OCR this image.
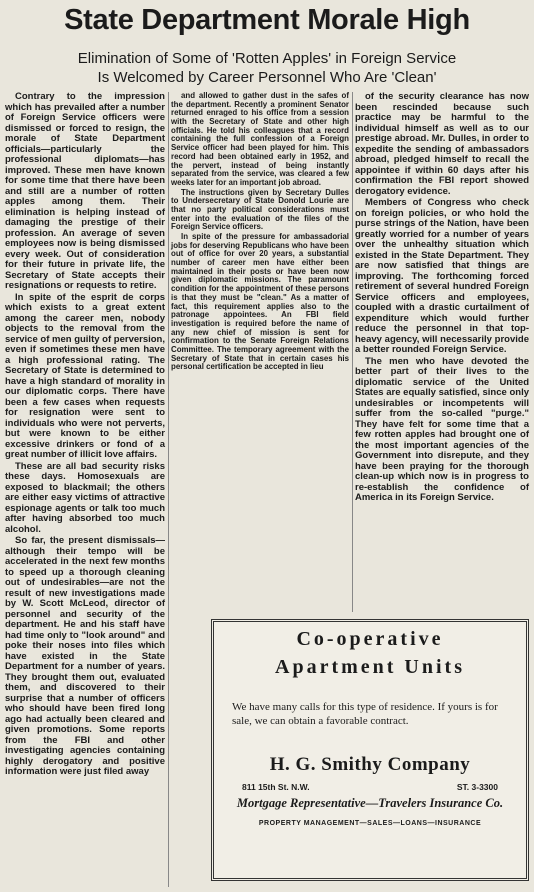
State Department Morale High
Elimination of Some of 'Rotten Apples' in Foreign Service
Is Welcomed by Career Personnel Who Are 'Clean'

Contrary to the impression which has prevailed after a number of Foreign Service officers were dismissed or forced to resign, the morale of State Department officials—particularly the professional diplomats—has improved. These men have known for some time that there have been and still are a number of rotten apples among them. Their elimination is helping instead of damaging the prestige of their profession. An average of seven employees now is being dismissed every week. Out of consideration for their future in private life, the Secretary of State accepts their resignations or requests to retire.

In spite of the esprit de corps which exists to a great extent among the career men, nobody objects to the removal from the service of men guilty of perversion, even if sometimes these men have a high professional rating. The Secretary of State is determined to have a high standard of morality in our diplomatic corps. There have been a few cases when requests for resignation were sent to individuals who were not perverts, but were known to be either excessive drinkers or fond of a great number of illicit love affairs.

These are all bad security risks these days. Homosexuals are exposed to blackmail; the others are either easy victims of attractive espionage agents or talk too much after having absorbed too much alcohol.

So far, the present dismissals—although their tempo will be accelerated in the next few months to speed up a thorough cleaning out of undesirables—are not the result of new investigations made by W. Scott McLeod, director of personnel and security of the department. He and his staff have had time only to "look around" and poke their noses into files which have existed in the State Department for a number of years. They brought them out, evaluated them, and discovered to their surprise that a number of officers who should have been fired long ago had actually been cleared and given promotions. Some reports from the FBI and other investigating agencies containing highly derogatory and positive information were just filed away

and allowed to gather dust in the safes of the department. Recently a prominent Senator returned enraged to his office from a session with the Secretary of State and other high officials. He told his colleagues that a record containing the full confession of a Foreign Service officer had been played for him. This record had been obtained early in 1952, and the pervert, instead of being instantly separated from the service, was cleared a few weeks later for an important job abroad.

The instructions given by Secretary Dulles to Undersecretary of State Donold Lourie are that no party political considerations must enter into the evaluation of the files of the Foreign Service officers.

In spite of the pressure for ambassadorial jobs for deserving Republicans who have been out of office for over 20 years, a substantial number of career men have either been maintained in their posts or have been now given diplomatic missions. The paramount condition for the appointment of these persons is that they must be "clean." As a matter of fact, this requirement applies also to the patronage appointees. An FBI field investigation is required before the name of any new chief of mission is sent for confirmation to the Senate Foreign Relations Committee. The temporary agreement with the Secretary of State that in certain cases his personal certification be accepted in lieu

of the security clearance has now been rescinded because such practice may be harmful to the individual himself as well as to our prestige abroad. Mr. Dulles, in order to expedite the sending of ambassadors abroad, pledged himself to recall the appointee if within 60 days after his confirmation the FBI report showed derogatory evidence.

Members of Congress who check on foreign policies, or who hold the purse strings of the Nation, have been greatly worried for a number of years over the unhealthy situation which existed in the State Department. They are now satisfied that things are improving. The forthcoming forced retirement of several hundred Foreign Service officers and employees, coupled with a drastic curtailment of expenditure which would further reduce the personnel in that top-heavy agency, will necessarily provide a better rounded Foreign Service.

The men who have devoted the better part of their lives to the diplomatic service of the United States are equally satisfied, since only undesirables or incompetents will suffer from the so-called "purge." They have felt for some time that a few rotten apples had brought one of the most important agencies of the Government into disrepute, and they have been praying for the thorough clean-up which now is in progress to re-establish the confidence of America in its Foreign Service.

Co-operative
Apartment Units
We have many calls for this type of residence. If yours is for sale, we can obtain a favorable contract.
H. G. Smithy Company
811 15th St. N.W.	ST. 3-3300
Mortgage Representative—Travelers Insurance Co.
PROPERTY MANAGEMENT—SALES—LOANS—INSURANCE
